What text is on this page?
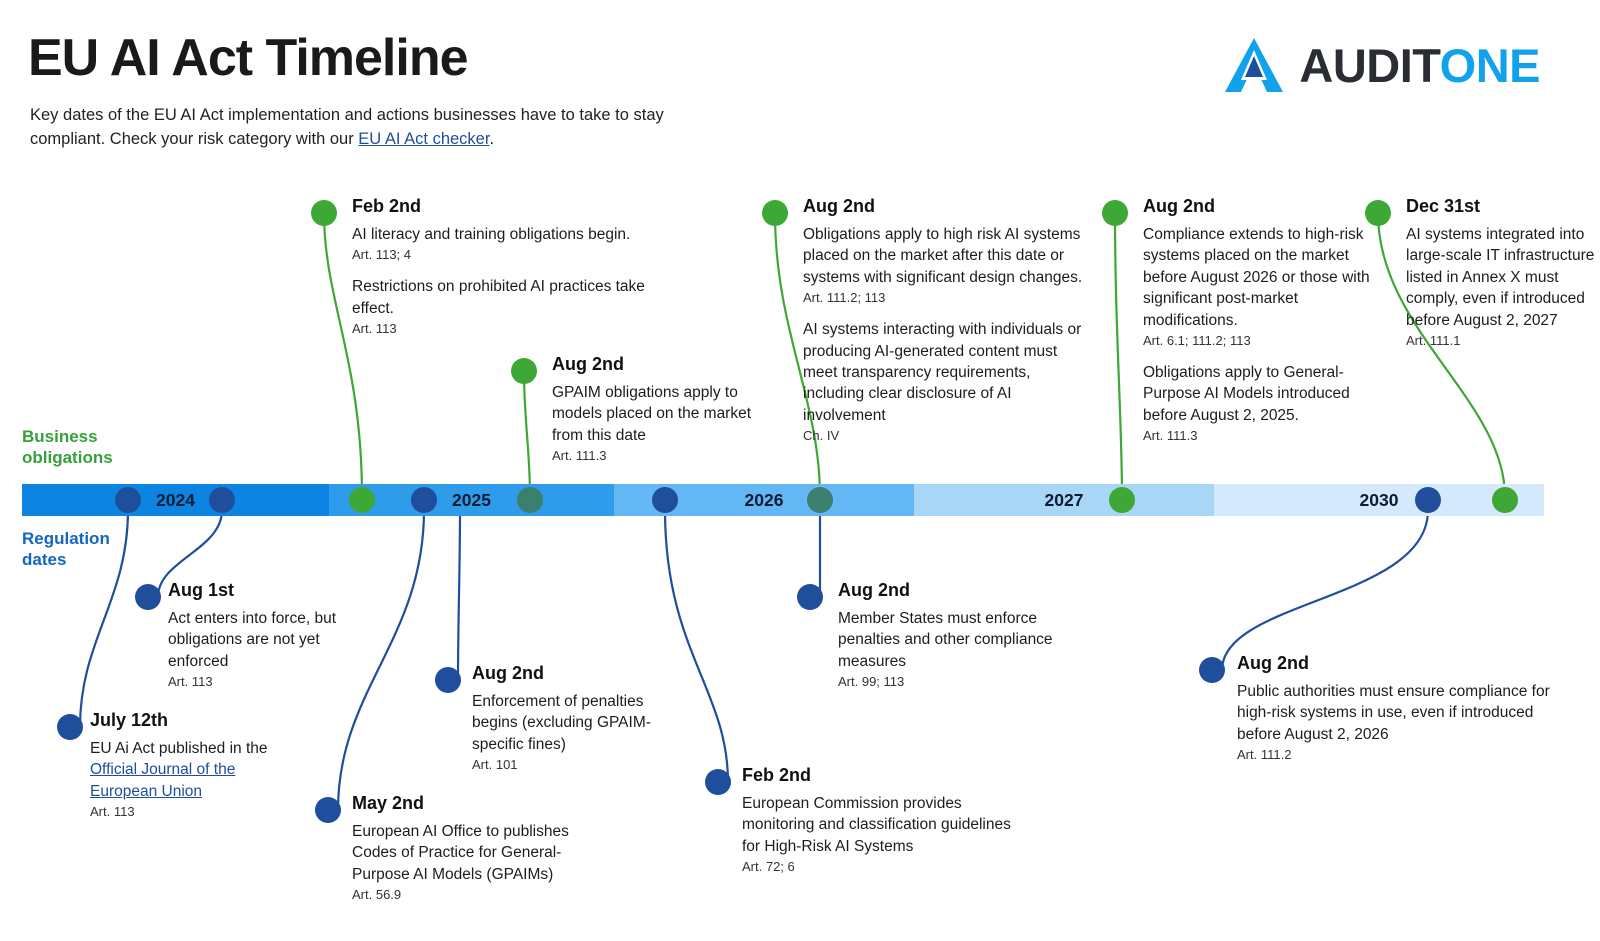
EU AI Act Timeline
Key dates of the EU AI Act implementation and actions businesses have to take to stay compliant. Check your risk category with our EU AI Act checker.
AUDITONE
2024	2025	2026	2027	2030
Business
obligations
Regulation
dates
Feb 2nd
AI literacy and training obligations begin.
Art. 113; 4
Restrictions on prohibited AI practices take effect.
Art. 113
Aug 2nd
GPAIM obligations apply to models placed on the market from this date
Art. 111.3
Aug 2nd
Obligations apply to high risk AI systems placed on the market after this date or systems with significant design changes.
Art. 111.2; 113
AI systems interacting with individuals or producing AI-generated content must meet transparency requirements, including clear disclosure of AI involvement
Ch. IV
Aug 2nd
Compliance extends to high-risk systems placed on the market before August 2026 or those with significant post-market modifications.
Art. 6.1; 111.2; 113
Obligations apply to General-Purpose AI Models introduced before August 2, 2025.
Art. 111.3
Dec 31st
AI systems integrated into large-scale IT infrastructure listed in Annex X must comply, even if introduced before August 2, 2027
Art. 111.1
July 12th
EU Ai Act published in the Official Journal of the European Union
Art. 113
Aug 1st
Act enters into force, but obligations are not yet enforced
Art. 113
May 2nd
European AI Office to publishes Codes of Practice for General-Purpose AI Models (GPAIMs)
Art. 56.9
Aug 2nd
Enforcement of penalties begins (excluding GPAIM-specific fines)
Art. 101
Feb 2nd
European Commission provides monitoring and classification guidelines for High-Risk AI Systems
Art. 72; 6
Aug 2nd
Member States must enforce penalties and other compliance measures
Art. 99; 113
Aug 2nd
Public authorities must ensure compliance for high-risk systems in use, even if introduced before August 2, 2026
Art. 111.2
